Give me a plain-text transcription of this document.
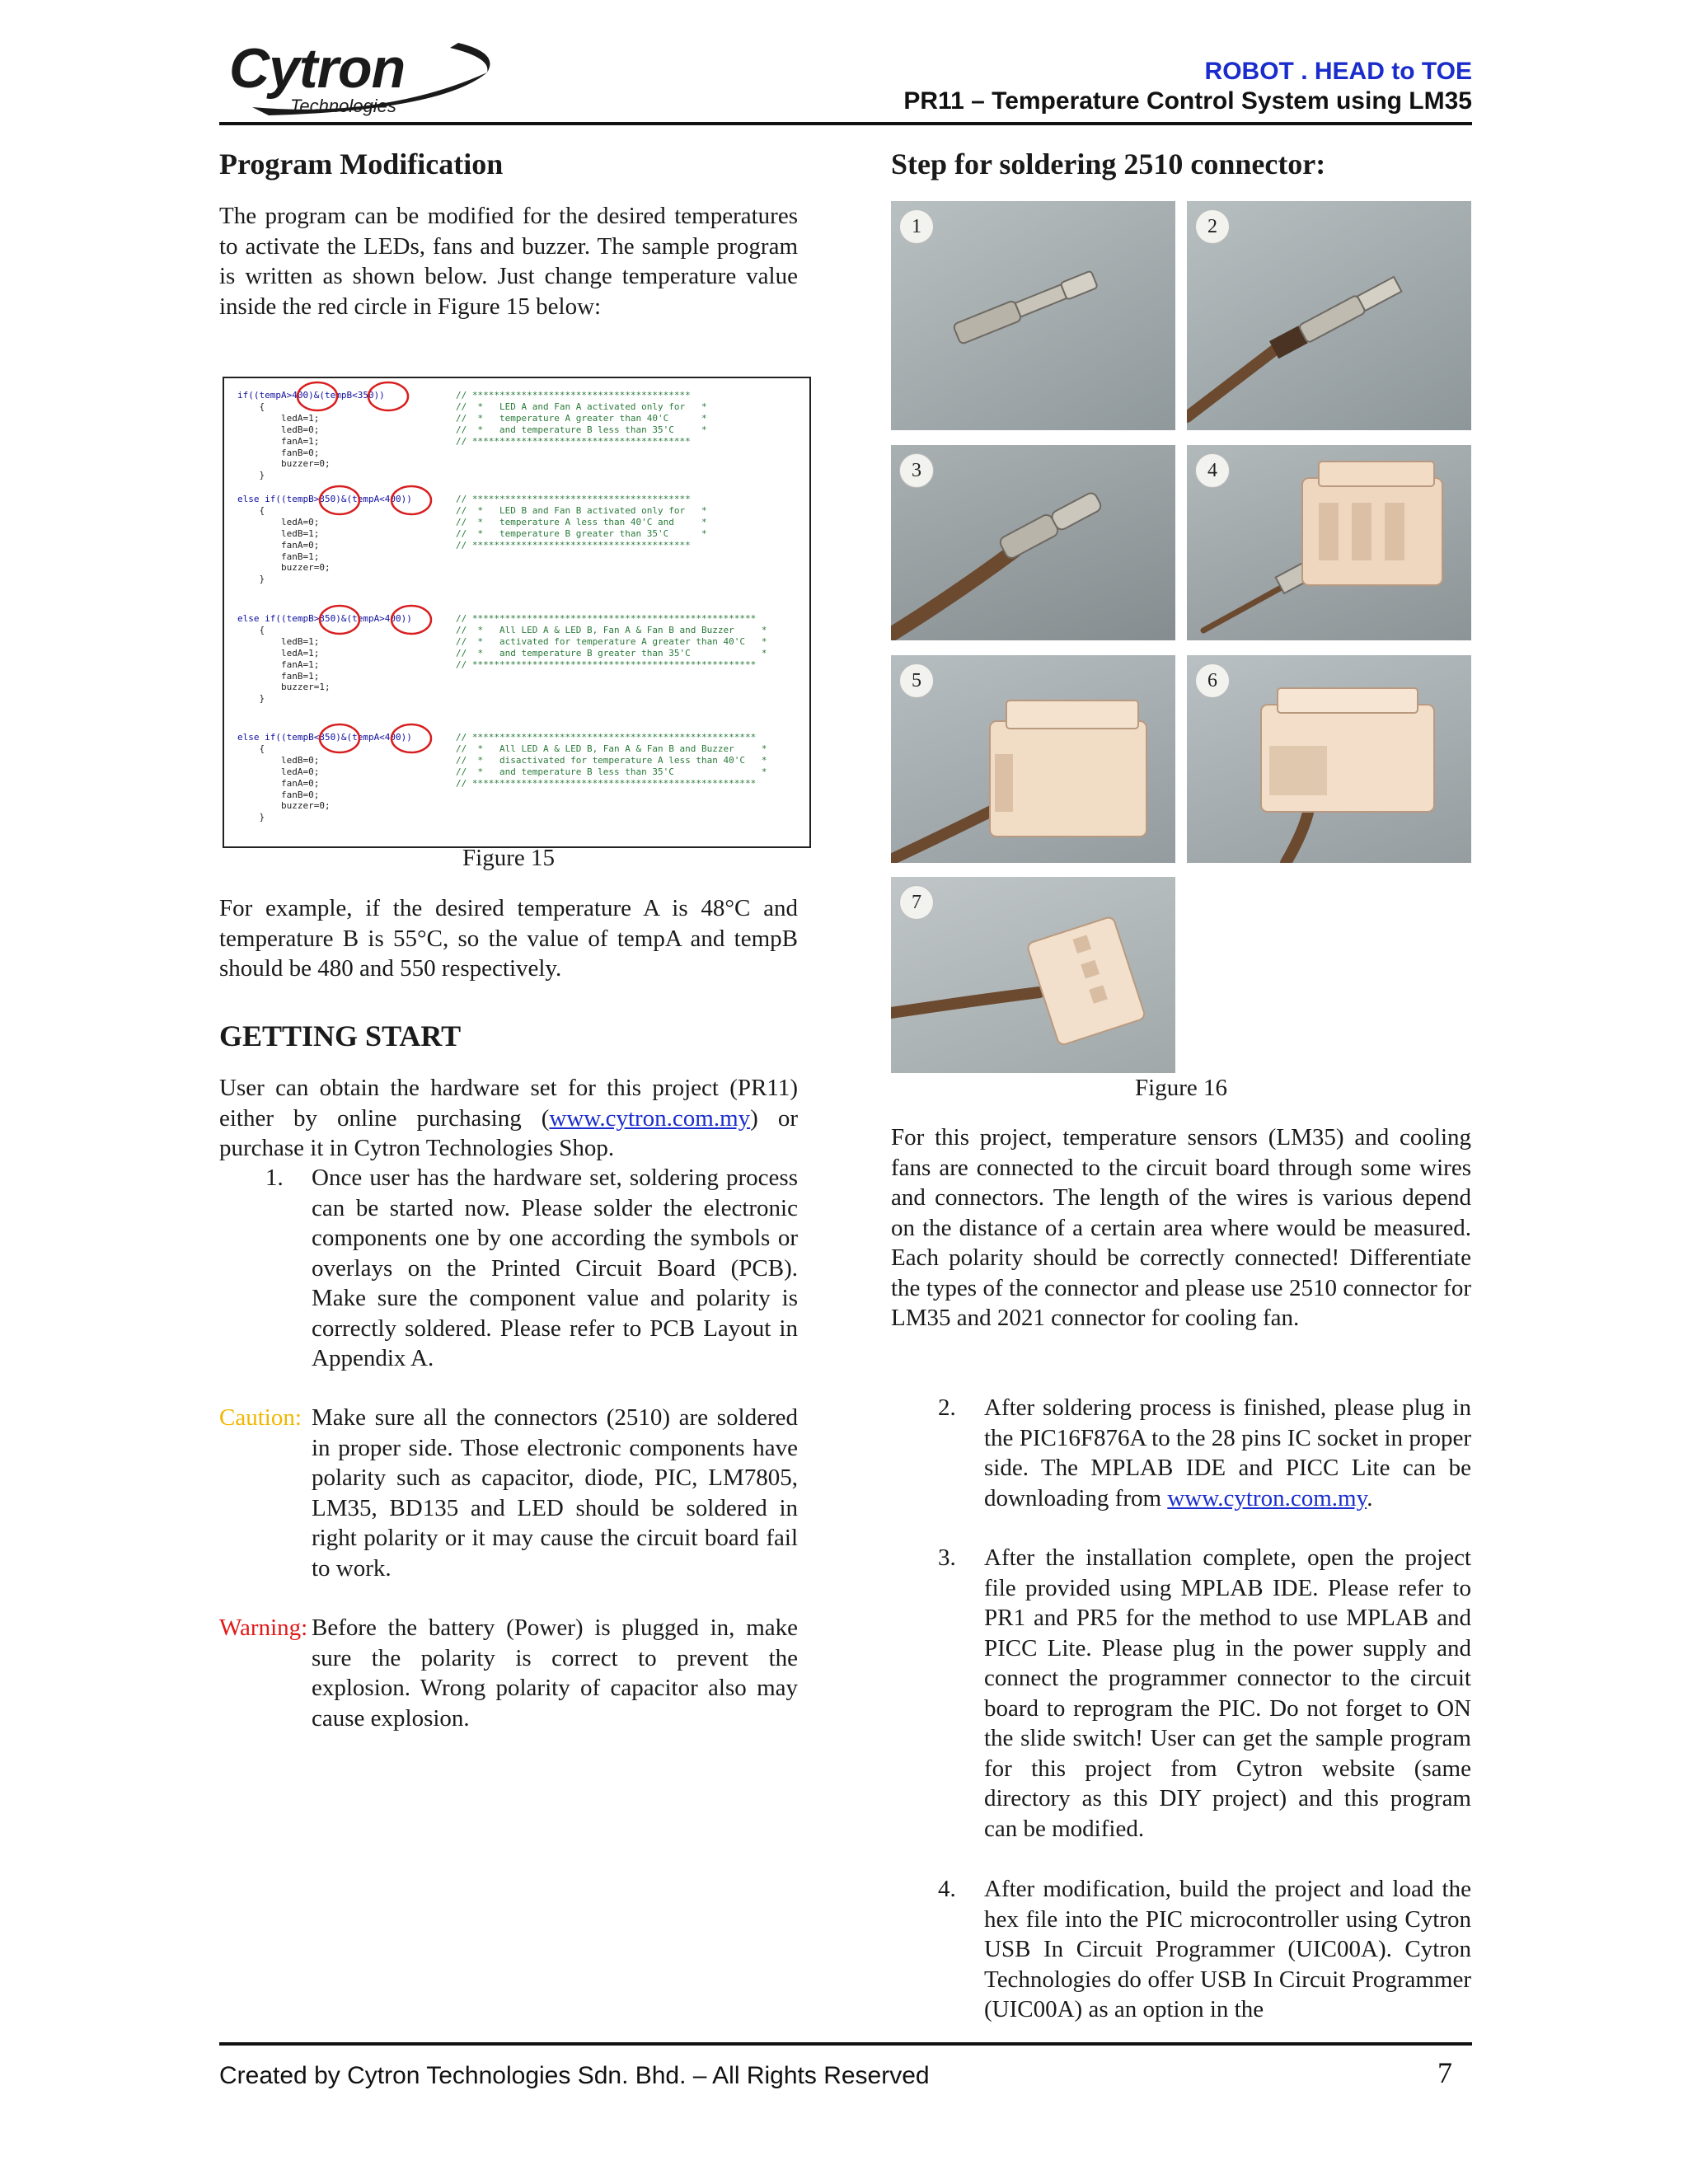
Cytron
Technologies
ROBOT . HEAD to TOE
PR11 – Temperature Control System using LM35
Program Modification
The program can be modified for the desired temperatures to activate the LEDs, fans and buzzer. The sample program is written as shown below. Just change temperature value inside the red circle in Figure 15 below:
if((tempA>400)&(tempB<350))
{
ledA=1;
ledB=0;
fanA=1;
fanB=0;
buzzer=0;
}
// ****************************************
//  *   LED A and Fan A activated only for   *
//  *   temperature A greater than 40'C      *
//  *   and temperature B less than 35'C     *
// ****************************************
else if((tempB>350)&(tempA<400))
{
ledA=0;
ledB=1;
fanA=0;
fanB=1;
buzzer=0;
}
// ****************************************
//  *   LED B and Fan B activated only for   *
//  *   temperature A less than 40'C and     *
//  *   temperature B greater than 35'C      *
// ****************************************
else if((tempB>350)&(tempA>400))
{
ledB=1;
ledA=1;
fanA=1;
fanB=1;
buzzer=1;
}
// ****************************************************
//  *   All LED A & LED B, Fan A & Fan B and Buzzer     *
//  *   activated for temperature A greater than 40'C   *
//  *   and temperature B greater than 35'C             *
// ****************************************************
else if((tempB<350)&(tempA<400))
{
ledB=0;
ledA=0;
fanA=0;
fanB=0;
buzzer=0;
}
// ****************************************************
//  *   All LED A & LED B, Fan A & Fan B and Buzzer     *
//  *   disactivated for temperature A less than 40'C   *
//  *   and temperature B less than 35'C                *
// ****************************************************
Figure 15
For example, if the desired temperature A is 48°C and temperature B is 55°C, so the value of tempA and tempB should be 480 and 550 respectively.
GETTING START
User can obtain the hardware set for this project (PR11) either by online purchasing (www.cytron.com.my) or purchase it in Cytron Technologies Shop.
1. Once user has the hardware set, soldering process can be started now. Please solder the electronic components one by one according the symbols or overlays on the Printed Circuit Board (PCB). Make sure the component value and polarity is correctly soldered. Please refer to PCB Layout in Appendix A.
Caution: Make sure all the connectors (2510) are soldered in proper side. Those electronic components have polarity such as capacitor, diode, PIC, LM7805, LM35, BD135 and LED should be soldered in right polarity or it may cause the circuit board fail to work.
Warning: Before the battery (Power) is plugged in, make sure the polarity is correct to prevent the explosion. Wrong polarity of capacitor also may cause explosion.
Step for soldering 2510 connector:
1	2
3	4
5	6
7
Figure 16
For this project, temperature sensors (LM35) and cooling fans are connected to the circuit board through some wires and connectors. The length of the wires is various depend on the distance of a certain area where would be measured. Each polarity should be correctly connected! Differentiate the types of the connector and please use 2510 connector for LM35 and 2021 connector for cooling fan.
2. After soldering process is finished, please plug in the PIC16F876A to the 28 pins IC socket in proper side. The MPLAB IDE and PICC Lite can be downloading from www.cytron.com.my.
3. After the installation complete, open the project file provided using MPLAB IDE. Please refer to PR1 and PR5 for the method to use MPLAB and PICC Lite. Please plug in the power supply and connect the programmer connector to the circuit board to reprogram the PIC. Do not forget to ON the slide switch! User can get the sample program for this project from Cytron website (same directory as this DIY project) and this program can be modified.
4. After modification, build the project and load the hex file into the PIC microcontroller using Cytron USB In Circuit Programmer (UIC00A). Cytron Technologies do offer USB In Circuit Programmer (UIC00A) as an option in the
Created by Cytron Technologies Sdn. Bhd. – All Rights Reserved	7
